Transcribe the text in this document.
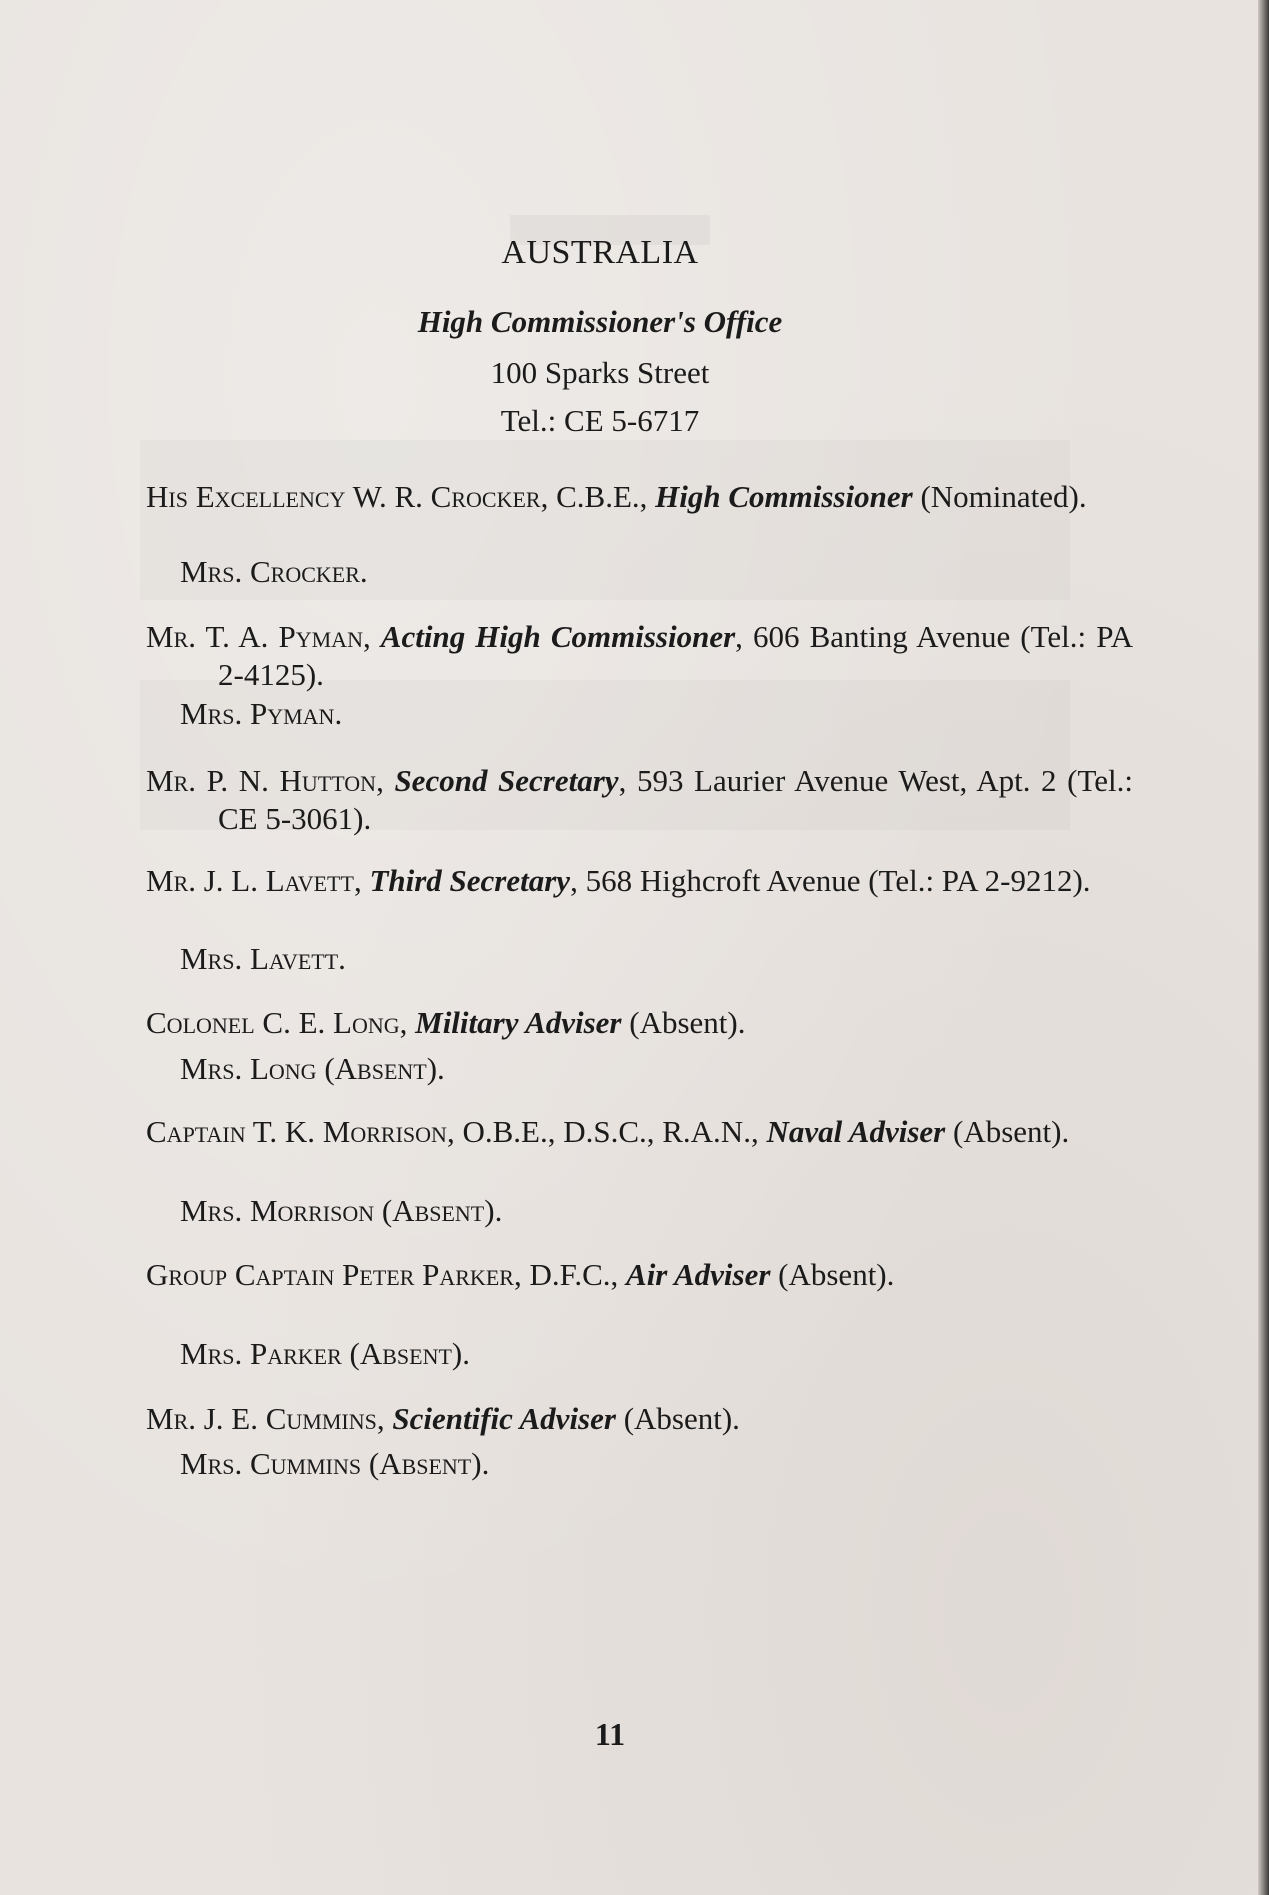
AUSTRALIA
High Commissioner's Office
100 Sparks Street
Tel.: CE 5-6717
His Excellency W. R. Crocker, C.B.E., High Commissioner (Nominated).
Mrs. Crocker.
Mr. T. A. Pyman, Acting High Commissioner, 606 Banting Avenue (Tel.: PA 2-4125).
Mrs. Pyman.
Mr. P. N. Hutton, Second Secretary, 593 Laurier Avenue West, Apt. 2 (Tel.: CE 5-3061).
Mr. J. L. Lavett, Third Secretary, 568 Highcroft Avenue (Tel.: PA 2-9212).
Mrs. Lavett.
Colonel C. E. Long, Military Adviser (Absent).
Mrs. Long (Absent).
Captain T. K. Morrison, O.B.E., D.S.C., R.A.N., Naval Adviser (Absent).
Mrs. Morrison (Absent).
Group Captain Peter Parker, D.F.C., Air Adviser (Absent).
Mrs. Parker (Absent).
Mr. J. E. Cummins, Scientific Adviser (Absent).
Mrs. Cummins (Absent).
11
